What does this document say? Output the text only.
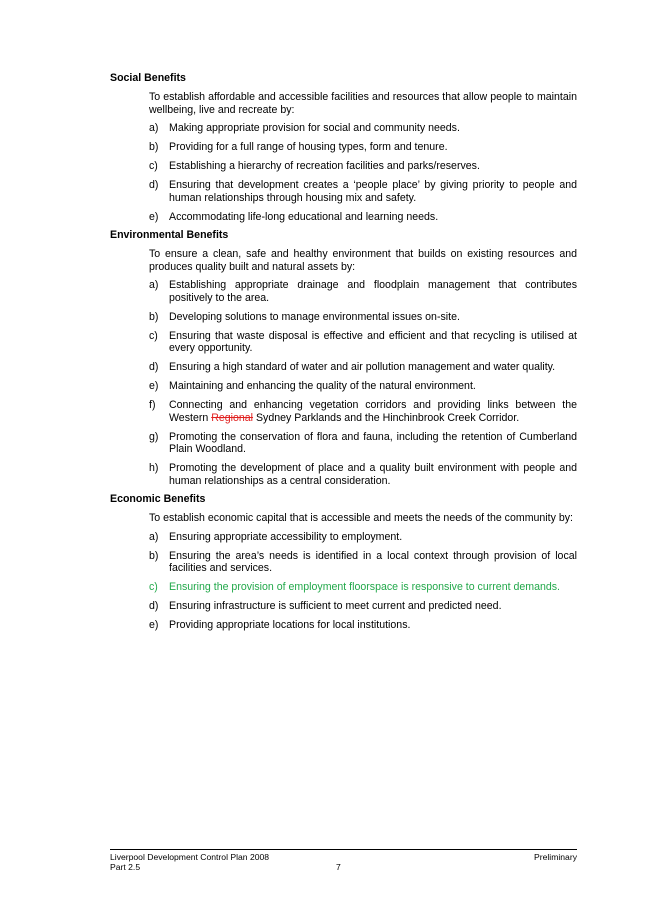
Social Benefits
To establish affordable and accessible facilities and resources that allow people to maintain wellbeing, live and recreate by:
a) Making appropriate provision for social and community needs.
b) Providing for a full range of housing types, form and tenure.
c)	Establishing a hierarchy of recreation facilities and parks/reserves.
d) Ensuring that development creates a ‘people place’ by giving priority to people and human relationships through housing mix and safety.
e) Accommodating life-long educational and learning needs.
Environmental Benefits
To ensure a clean, safe and healthy environment that builds on existing resources and produces quality built and natural assets by:
a) Establishing appropriate drainage and floodplain management that contributes positively to the area.
b) Developing solutions to manage environmental issues on-site.
c)	Ensuring that waste disposal is effective and efficient and that recycling is utilised at every opportunity.
d) Ensuring a high standard of water and air pollution management and water quality.
e) Maintaining and enhancing the quality of the natural environment.
f)	Connecting and enhancing vegetation corridors and providing links between the Western Regional Sydney Parklands and the Hinchinbrook Creek Corridor.
g) Promoting the conservation of flora and fauna, including the retention of Cumberland Plain Woodland.
h) Promoting the development of place and a quality built environment with people and human relationships as a central consideration.
Economic Benefits
To establish economic capital that is accessible and meets the needs of the community by:
a) Ensuring appropriate accessibility to employment.
b) Ensuring the area’s needs is identified in a local context through provision of local facilities and services.
c)	Ensuring the provision of employment floorspace is responsive to current demands.
d) Ensuring infrastructure is sufficient to meet current and predicted need.
e) Providing appropriate locations for local institutions.
Liverpool Development Control Plan 2008	Preliminary
Part 2.5	7
